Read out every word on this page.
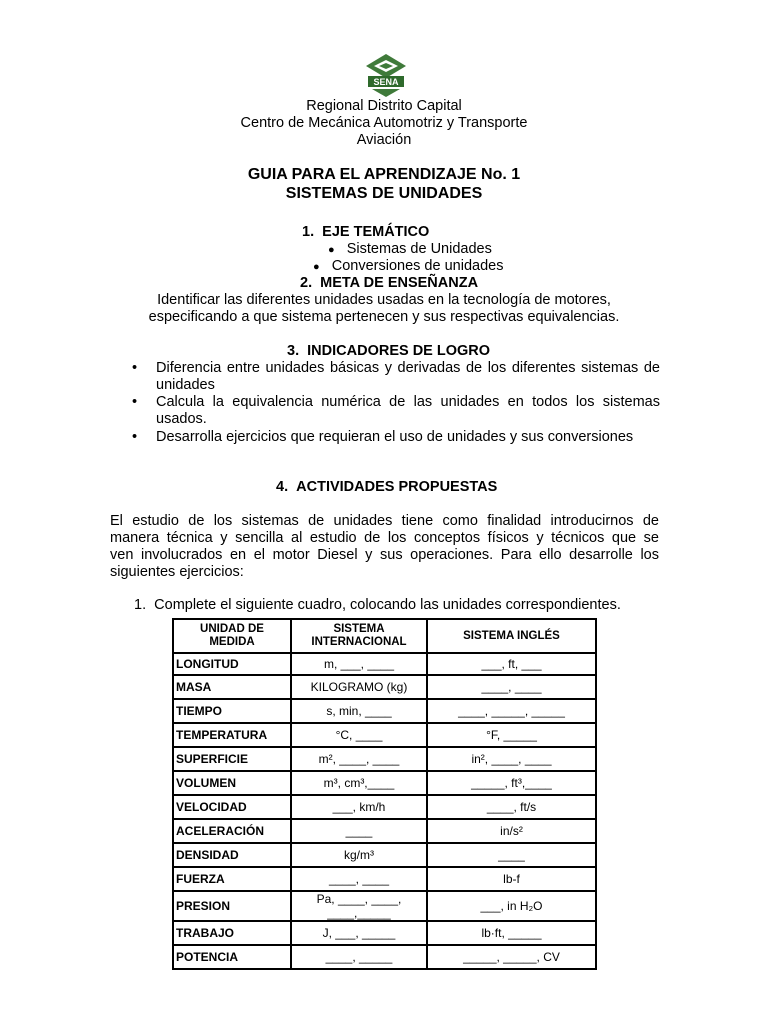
SENA
Regional Distrito Capital
Centro de Mecánica Automotriz y Transporte
Aviación
GUIA PARA EL APRENDIZAJE No. 1
SISTEMAS DE UNIDADES
1. EJE TEMÁTICO
● Sistemas de Unidades
● Conversiones de unidades
2. META DE ENSEÑANZA
Identificar las diferentes unidades usadas en la tecnología de motores,
especificando a que sistema pertenecen y sus respectivas equivalencias.
3. INDICADORES DE LOGRO
• Diferencia entre unidades básicas y derivadas de los diferentes sistemas de unidades
• Calcula la equivalencia numérica de las unidades en todos los sistemas usados.
• Desarrolla ejercicios que requieran el uso de unidades y sus conversiones
4. ACTIVIDADES PROPUESTAS
El estudio de los sistemas de unidades tiene como finalidad introducirnos de
manera técnica y sencilla al estudio de los conceptos físicos y técnicos que se
ven involucrados en el motor Diesel y sus operaciones. Para ello desarrolle los
siguientes ejercicios:
1. Complete el siguiente cuadro, colocando las unidades correspondientes.
UNIDAD DE MEDIDA	SISTEMA INTERNACIONAL	SISTEMA INGLÉS
LONGITUD	m, ___, ____	___, ft, ___
MASA	KILOGRAMO (kg)	____, ____
TIEMPO	s, min, ____	____, _____, _____
TEMPERATURA	°C, ____	°F, _____
SUPERFICIE	m², ____, ____	in², ____, ____
VOLUMEN	m³, cm³,____	_____, ft³,____
VELOCIDAD	___, km/h	____, ft/s
ACELERACIÓN	____	in/s²
DENSIDAD	kg/m³	____
FUERZA	____, ____	lb-f
PRESION	Pa, ____, ____, ____,_____	___, in H₂O
TRABAJO	J, ___, _____	lb·ft, _____
POTENCIA	____, _____	_____, _____, CV
